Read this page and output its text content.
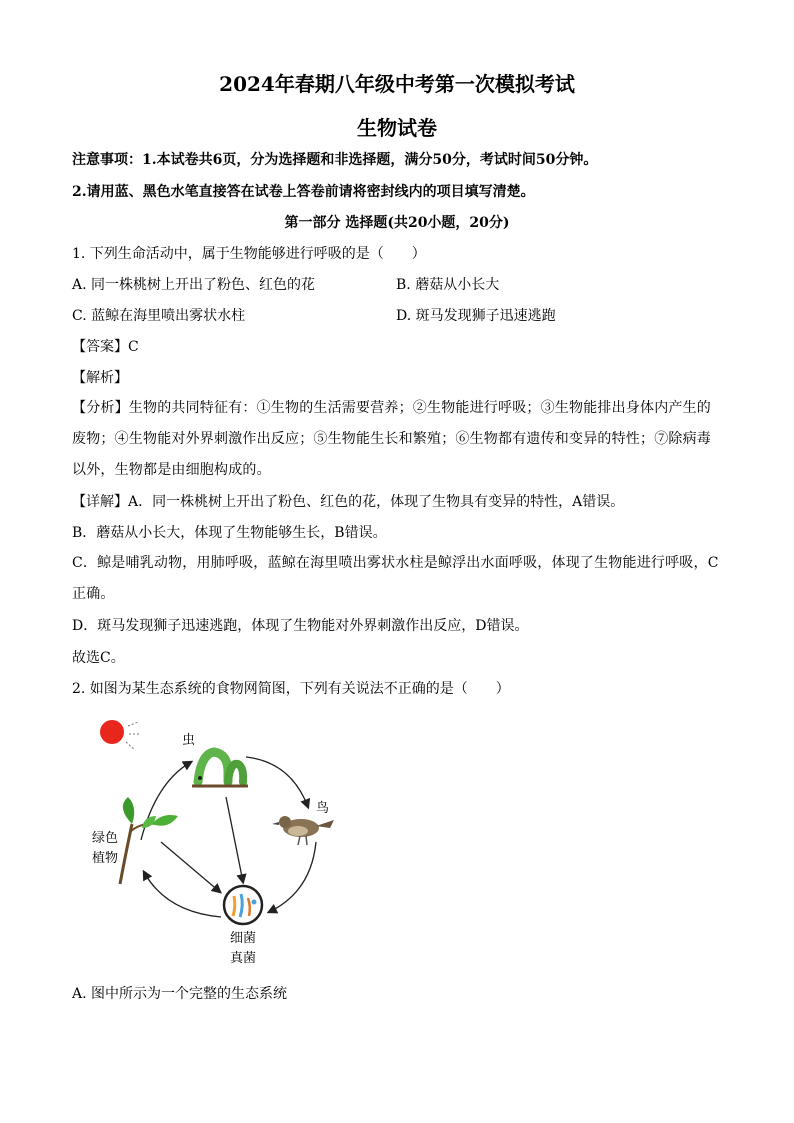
2024年春期八年级中考第一次模拟考试
生物试卷
注意事项：1.本试卷共6页，分为选择题和非选择题，满分50分，考试时间50分钟。
2.请用蓝、黑色水笔直接答在试卷上答卷前请将密封线内的项目填写清楚。
第一部分 选择题(共20小题，20分)
1. 下列生命活动中，属于生物能够进行呼吸的是（　　）
A. 同一株桃树上开出了粉色、红色的花	B. 蘑菇从小长大
C. 蓝鲸在海里喷出雾状水柱	D. 斑马发现狮子迅速逃跑
【答案】C
【解析】
【分析】生物的共同特征有：①生物的生活需要营养；②生物能进行呼吸；③生物能排出身体内产生的废物；④生物能对外界刺激作出反应；⑤生物能生长和繁殖；⑥生物都有遗传和变异的特性；⑦除病毒以外，生物都是由细胞构成的。
【详解】A．同一株桃树上开出了粉色、红色的花，体现了生物具有变异的特性，A错误。
B．蘑菇从小长大，体现了生物能够生长，B错误。
C．鲸是哺乳动物，用肺呼吸，蓝鲸在海里喷出雾状水柱是鲸浮出水面呼吸，体现了生物能进行呼吸，C正确。
D．斑马发现狮子迅速逃跑，体现了生物能对外界刺激作出反应，D错误。
故选C。
2. 如图为某生态系统的食物网简图，下列有关说法不正确的是（　　）
虫
鸟
绿色
植物
细菌
真菌
A. 图中所示为一个完整的生态系统
